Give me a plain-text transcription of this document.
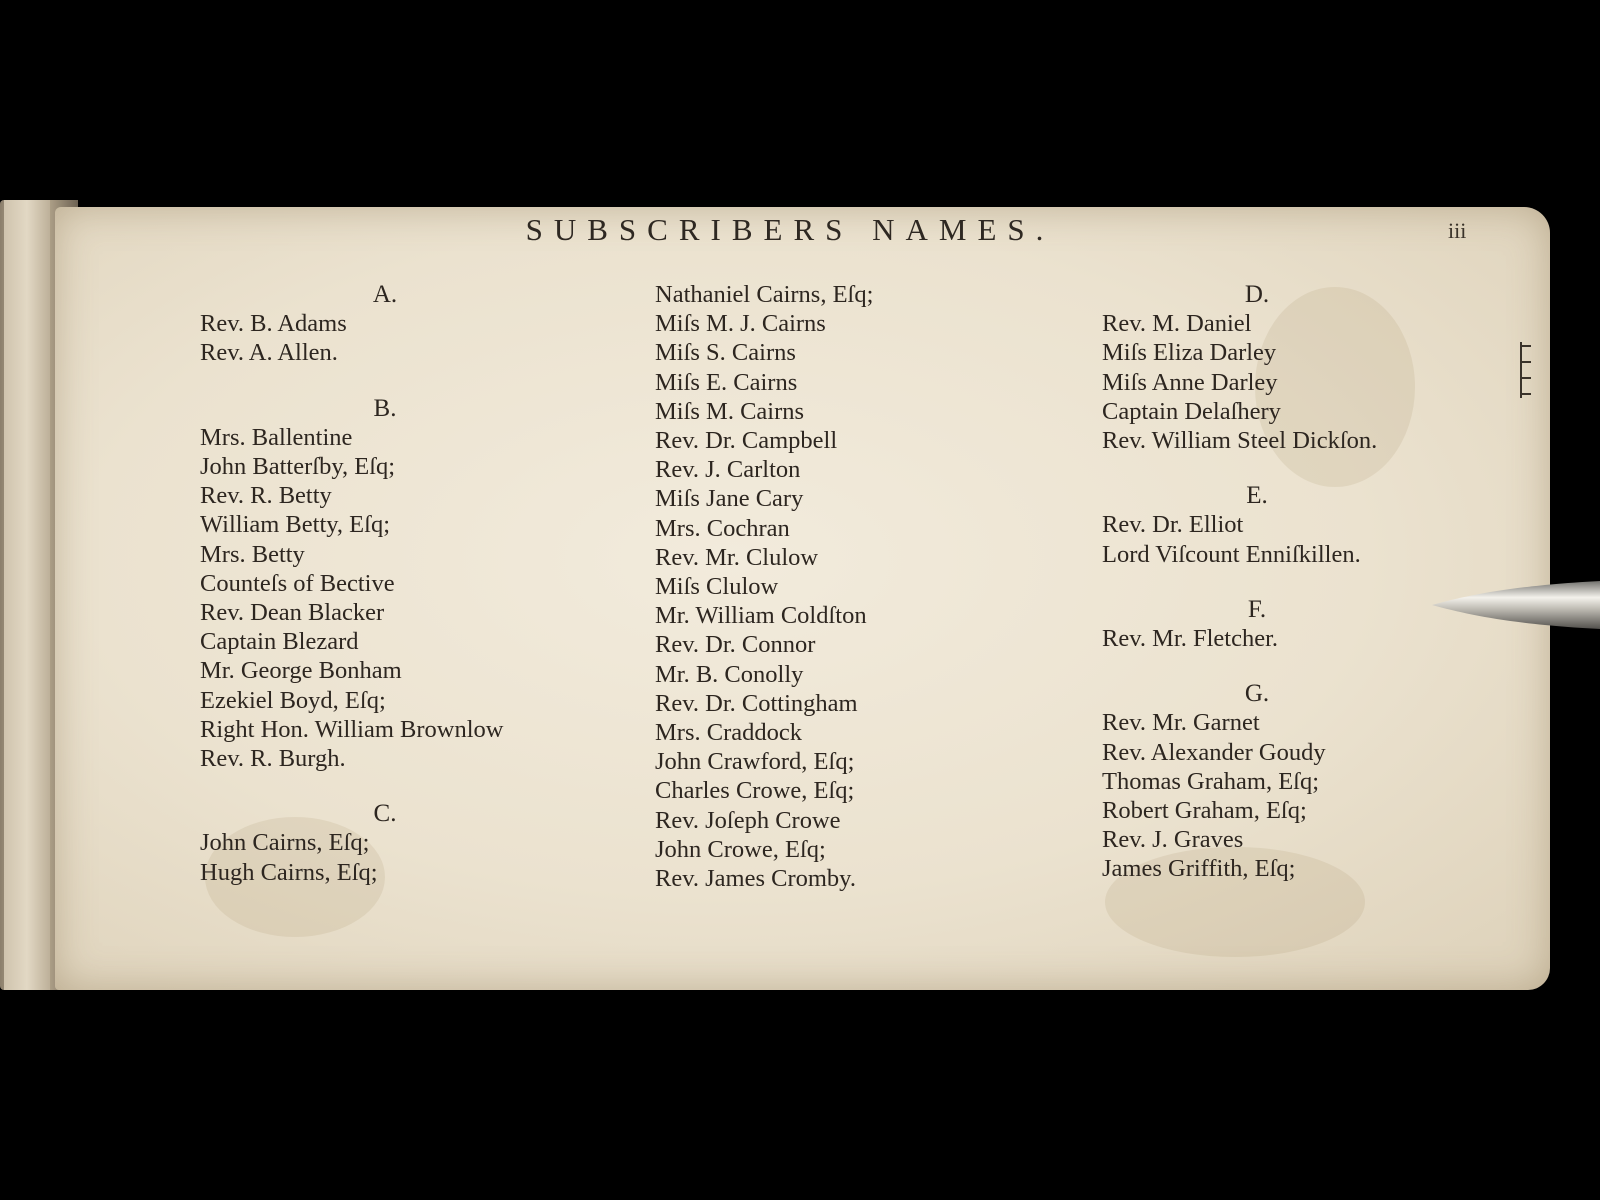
SUBSCRIBERS NAMES.	iii
A.
Rev. B. Adams
Rev. A. Allen.
B.
Mrs. Ballentine
John Batterſby, Eſq;
Rev. R. Betty
William Betty, Eſq;
Mrs. Betty
Counteſs of Bective
Rev. Dean Blacker
Captain Blezard
Mr. George Bonham
Ezekiel Boyd, Eſq;
Right Hon. William Brownlow
Rev. R. Burgh.
C.
John Cairns, Eſq;
Hugh Cairns, Eſq;
Nathaniel Cairns, Eſq;
Miſs M. J. Cairns
Miſs S. Cairns
Miſs E. Cairns
Miſs M. Cairns
Rev. Dr. Campbell
Rev. J. Carlton
Miſs Jane Cary
Mrs. Cochran
Rev. Mr. Clulow
Miſs Clulow
Mr. William Coldſton
Rev. Dr. Connor
Mr. B. Conolly
Rev. Dr. Cottingham
Mrs. Craddock
John Crawford, Eſq;
Charles Crowe, Eſq;
Rev. Joſeph Crowe
John Crowe, Eſq;
Rev. James Cromby.
D.
Rev. M. Daniel
Miſs Eliza Darley
Miſs Anne Darley
Captain Delaſhery
Rev. William Steel Dickſon.
E.
Rev. Dr. Elliot
Lord Viſcount Enniſkillen.
F.
Rev. Mr. Fletcher.
G.
Rev. Mr. Garnet
Rev. Alexander Goudy
Thomas Graham, Eſq;
Robert Graham, Eſq;
Rev. J. Graves
James Griffith, Eſq;
